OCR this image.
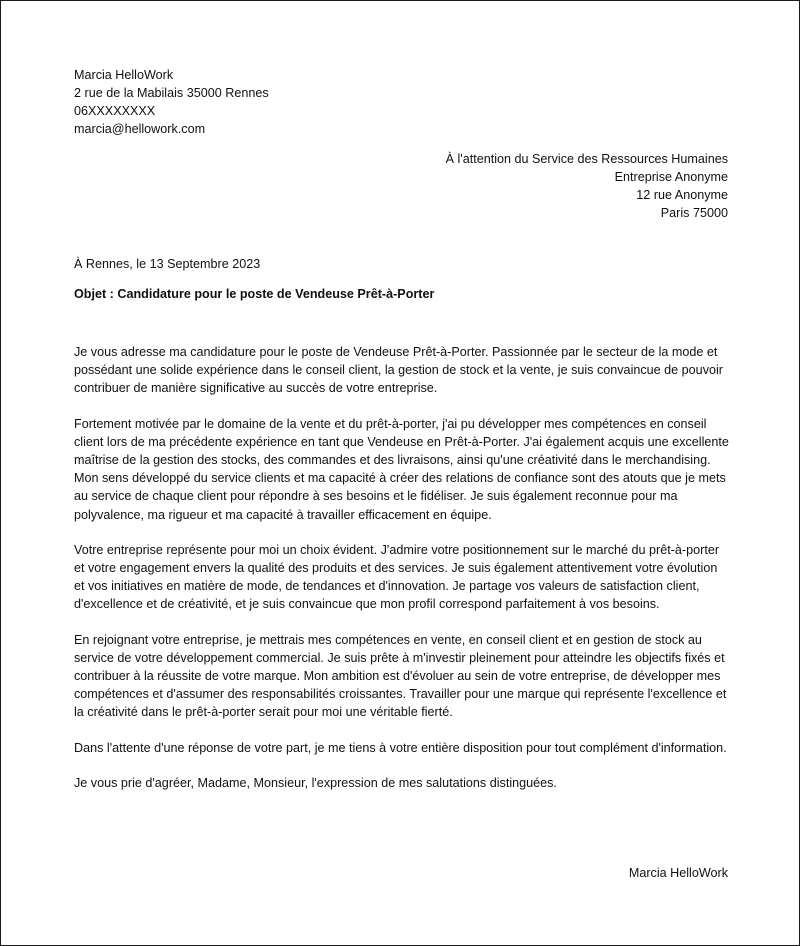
Marcia HelloWork
2 rue de la Mabilais 35000 Rennes
06XXXXXXXX
marcia@hellowork.com
À l'attention du Service des Ressources Humaines
Entreprise Anonyme
12 rue Anonyme
Paris 75000
À Rennes, le 13 Septembre 2023
Objet : Candidature pour le poste de Vendeuse Prêt-à-Porter

Je vous adresse ma candidature pour le poste de Vendeuse Prêt-à-Porter. Passionnée par le secteur de la mode et possédant une solide expérience dans le conseil client, la gestion de stock et la vente, je suis convaincue de pouvoir contribuer de manière significative au succès de votre entreprise.

Fortement motivée par le domaine de la vente et du prêt-à-porter, j'ai pu développer mes compétences en conseil client lors de ma précédente expérience en tant que Vendeuse en Prêt-à-Porter. J'ai également acquis une excellente maîtrise de la gestion des stocks, des commandes et des livraisons, ainsi qu'une créativité dans le merchandising. Mon sens développé du service clients et ma capacité à créer des relations de confiance sont des atouts que je mets au service de chaque client pour répondre à ses besoins et le fidéliser. Je suis également reconnue pour ma polyvalence, ma rigueur et ma capacité à travailler efficacement en équipe.

Votre entreprise représente pour moi un choix évident. J'admire votre positionnement sur le marché du prêt-à-porter et votre engagement envers la qualité des produits et des services. Je suis également attentivement votre évolution et vos initiatives en matière de mode, de tendances et d'innovation. Je partage vos valeurs de satisfaction client, d'excellence et de créativité, et je suis convaincue que mon profil correspond parfaitement à vos besoins.

En rejoignant votre entreprise, je mettrais mes compétences en vente, en conseil client et en gestion de stock au service de votre développement commercial. Je suis prête à m'investir pleinement pour atteindre les objectifs fixés et contribuer à la réussite de votre marque. Mon ambition est d'évoluer au sein de votre entreprise, de développer mes compétences et d'assumer des responsabilités croissantes. Travailler pour une marque qui représente l'excellence et la créativité dans le prêt-à-porter serait pour moi une véritable fierté.

Dans l'attente d'une réponse de votre part, je me tiens à votre entière disposition pour tout complément d'information.

Je vous prie d'agréer, Madame, Monsieur, l'expression de mes salutations distinguées.

Marcia HelloWork
